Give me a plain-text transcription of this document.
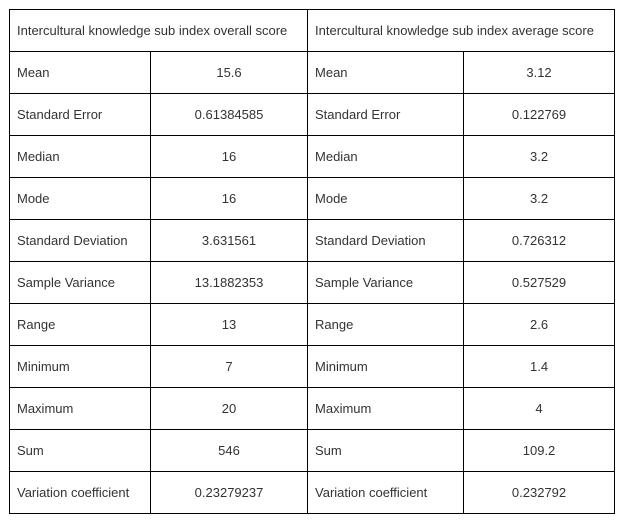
Intercultural knowledge sub index overall score		Intercultural knowledge sub index average score	
Mean	15.6	Mean	3.12
Standard Error	0.61384585	Standard Error	0.122769
Median	16	Median	3.2
Mode	16	Mode	3.2
Standard Deviation	3.631561	Standard Deviation	0.726312
Sample Variance	13.1882353	Sample Variance	0.527529
Range	13	Range	2.6
Minimum	7	Minimum	1.4
Maximum	20	Maximum	4
Sum	546	Sum	109.2
Variation coefficient	0.23279237	Variation coefficient	0.232792
